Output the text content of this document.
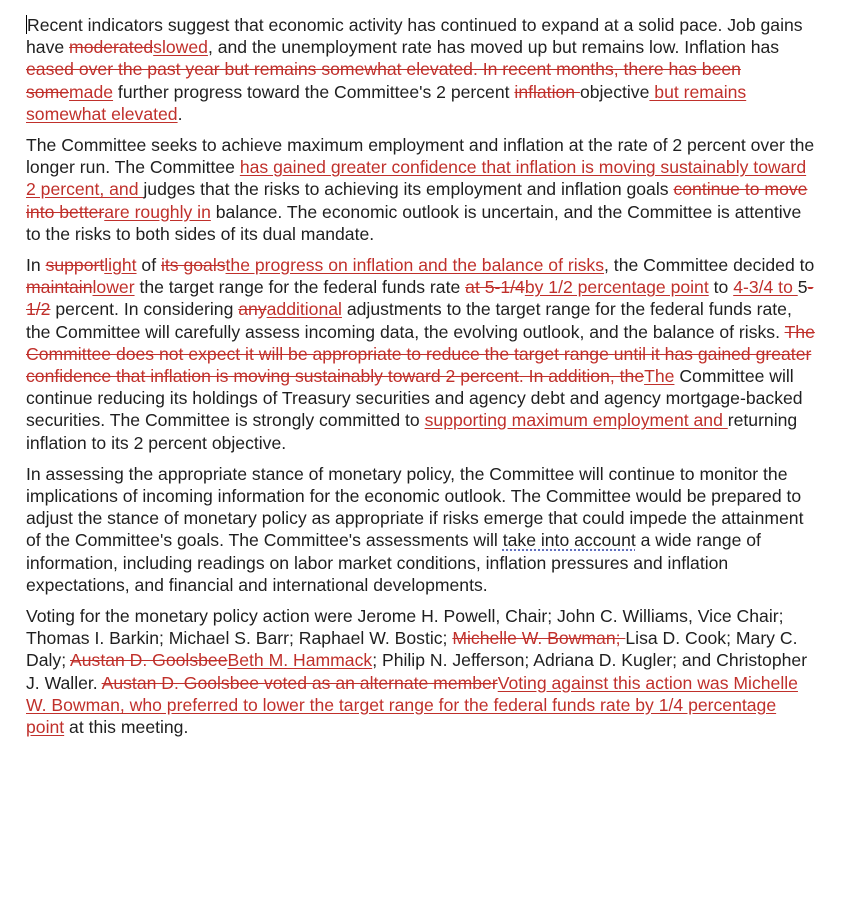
Recent indicators suggest that economic activity has continued to expand at a solid pace. Job gains have moderatedslowed, and the unemployment rate has moved up but remains low. Inflation has eased over the past year but remains somewhat elevated. In recent months, there has been somemade further progress toward the Committee's 2 percent inflation objective but remains somewhat elevated.

The Committee seeks to achieve maximum employment and inflation at the rate of 2 percent over the longer run. The Committee has gained greater confidence that inflation is moving sustainably toward 2 percent, and judges that the risks to achieving its employment and inflation goals continue to move into betterare roughly in balance. The economic outlook is uncertain, and the Committee is attentive to the risks to both sides of its dual mandate.

In supportlight of its goalsthe progress on inflation and the balance of risks, the Committee decided to maintainlower the target range for the federal funds rate at 5-1/4by 1/2 percentage point to 4-3/4 to 5-1/2 percent. In considering anyadditional adjustments to the target range for the federal funds rate, the Committee will carefully assess incoming data, the evolving outlook, and the balance of risks. The Committee does not expect it will be appropriate to reduce the target range until it has gained greater confidence that inflation is moving sustainably toward 2 percent. In addition, theThe Committee will continue reducing its holdings of Treasury securities and agency debt and agency mortgage-backed securities. The Committee is strongly committed to supporting maximum employment and returning inflation to its 2 percent objective.

In assessing the appropriate stance of monetary policy, the Committee will continue to monitor the implications of incoming information for the economic outlook. The Committee would be prepared to adjust the stance of monetary policy as appropriate if risks emerge that could impede the attainment of the Committee's goals. The Committee's assessments will take into account a wide range of information, including readings on labor market conditions, inflation pressures and inflation expectations, and financial and international developments.

Voting for the monetary policy action were Jerome H. Powell, Chair; John C. Williams, Vice Chair; Thomas I. Barkin; Michael S. Barr; Raphael W. Bostic; Michelle W. Bowman; Lisa D. Cook; Mary C. Daly; Austan D. GoolsbeeBeth M. Hammack; Philip N. Jefferson; Adriana D. Kugler; and Christopher J. Waller. Austan D. Goolsbee voted as an alternate memberVoting against this action was Michelle W. Bowman, who preferred to lower the target range for the federal funds rate by 1/4 percentage point at this meeting.
